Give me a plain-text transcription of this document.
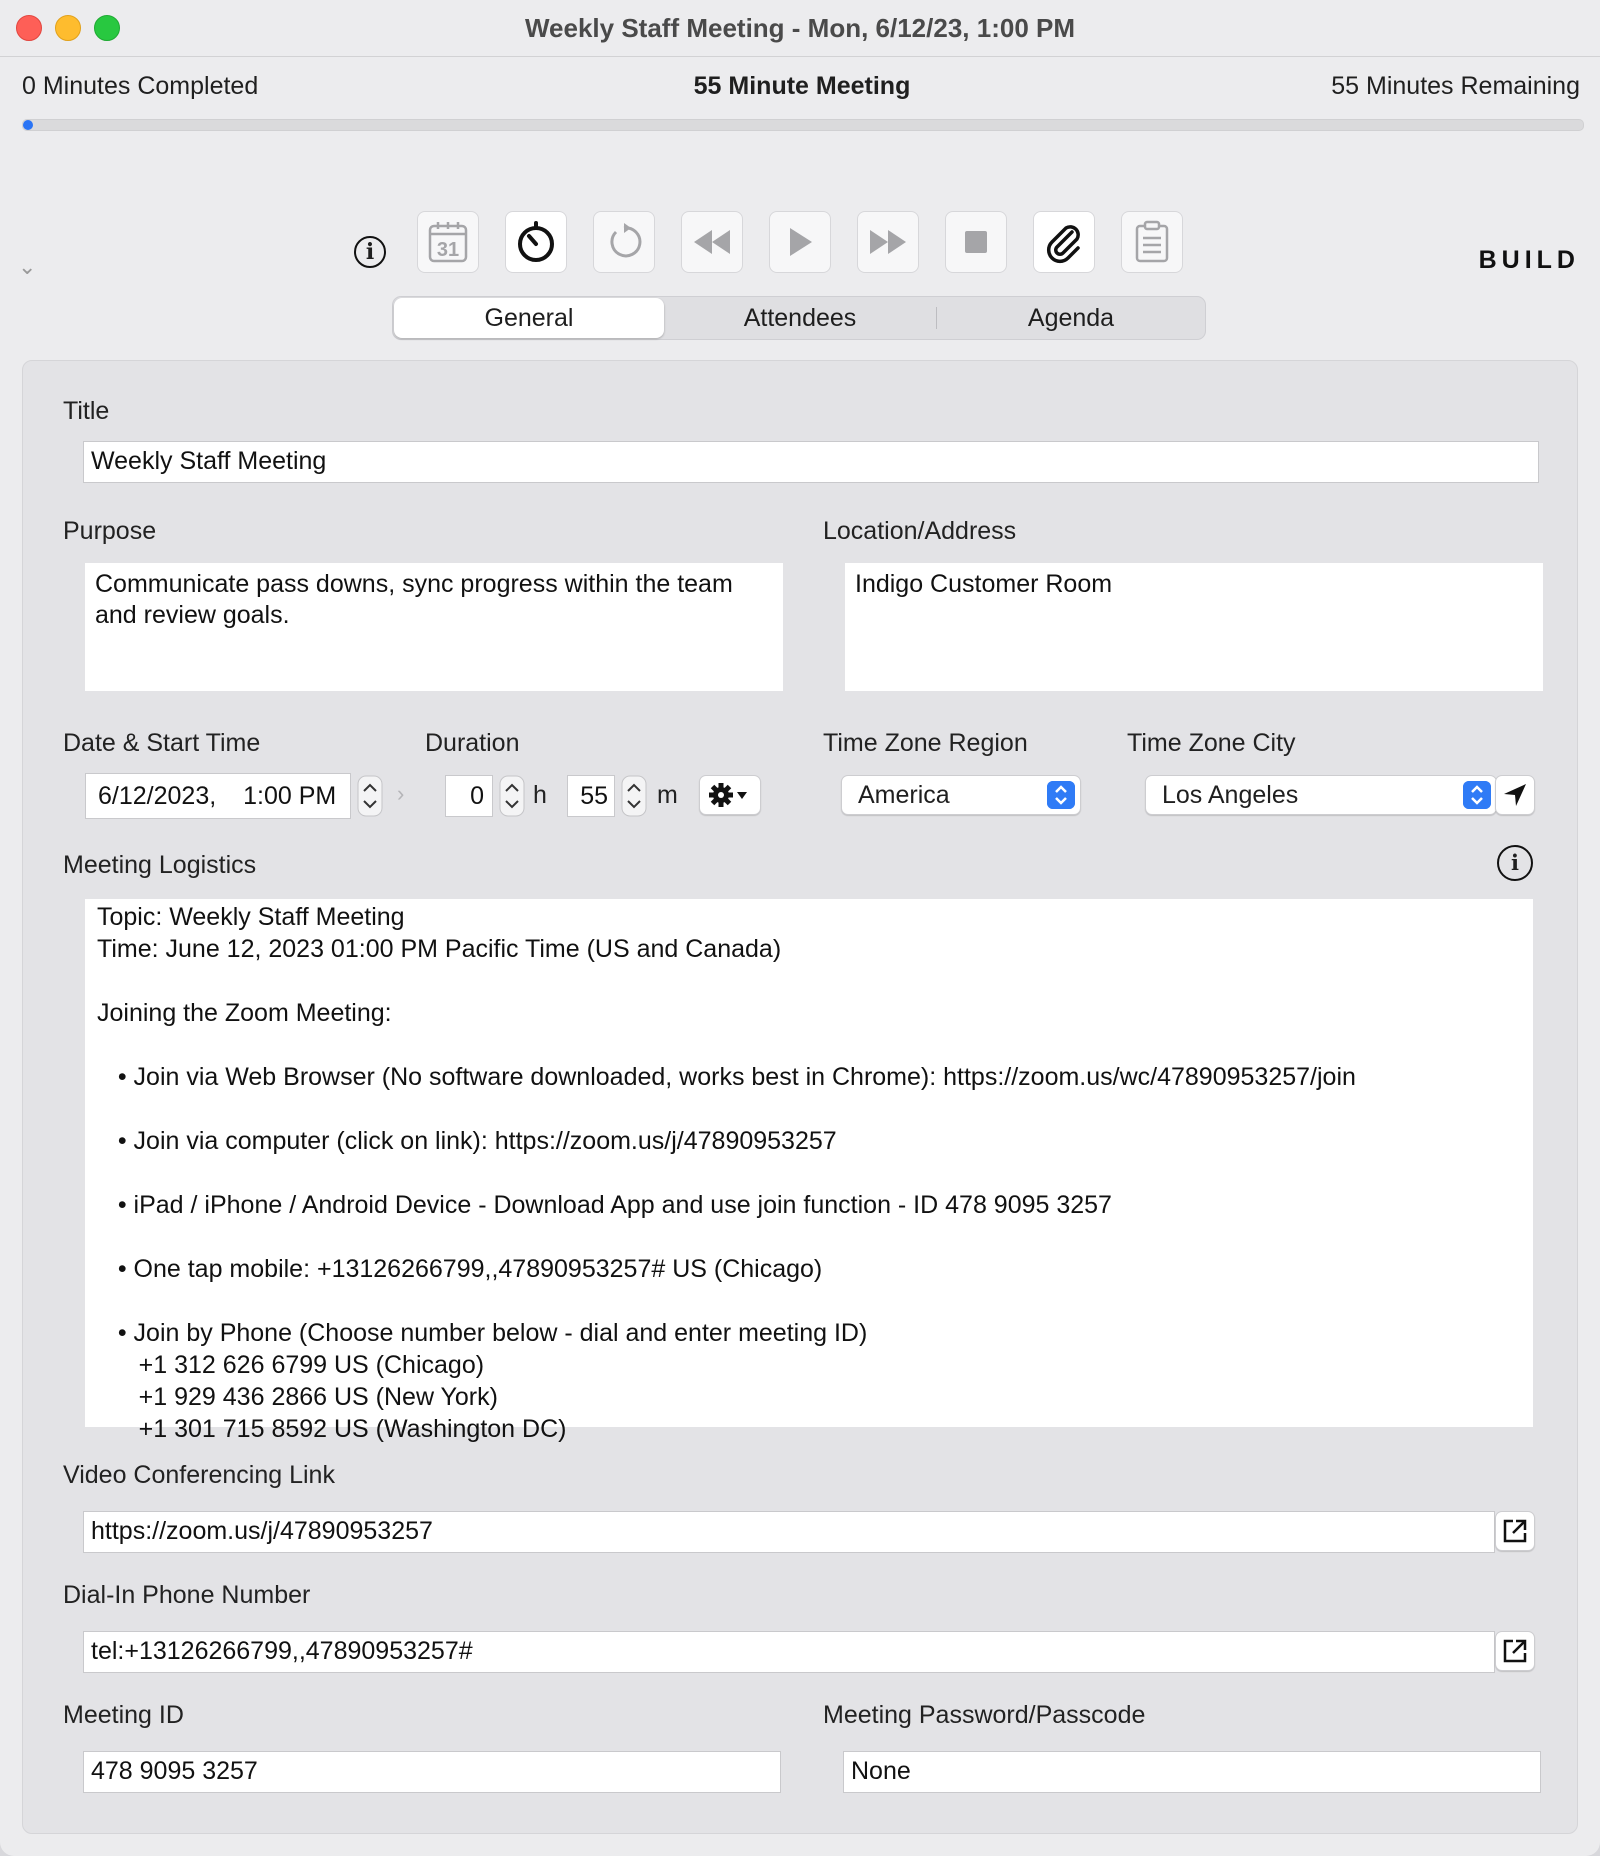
Weekly Staff Meeting - Mon, 6/12/23, 1:00 PM
0 Minutes Completed	55 Minute Meeting	55 Minutes Remaining
⌄	BUILD
i	31
General	Attendees	Agenda
Title
Weekly Staff Meeting
Purpose
Communicate pass downs, sync progress within the team and review goals.
Location/Address
Indigo Customer Room
Date & Start Time
6/12/2023, 1:00 PM	›
Duration
0	h	55 m
Time Zone Region
America
Time Zone City
Los Angeles
Meeting Logistics	i
Topic: Weekly Staff Meeting
Time: June 12, 2023 01:00 PM Pacific Time (US and Canada)
Joining the Zoom Meeting:
• Join via Web Browser (No software downloaded, works best in Chrome): https://zoom.us/wc/47890953257/join
• Join via computer (click on link): https://zoom.us/j/47890953257
• iPad / iPhone / Android Device - Download App and use join function - ID 478 9095 3257
• One tap mobile: +13126266799,,47890953257# US (Chicago)
• Join by Phone (Choose number below - dial and enter meeting ID)
+1 312 626 6799 US (Chicago)
+1 929 436 2866 US (New York)
+1 301 715 8592 US (Washington DC)
Video Conferencing Link
https://zoom.us/j/47890953257
Dial-In Phone Number
tel:+13126266799,,47890953257#
Meeting ID
478 9095 3257
Meeting Password/Passcode
None
